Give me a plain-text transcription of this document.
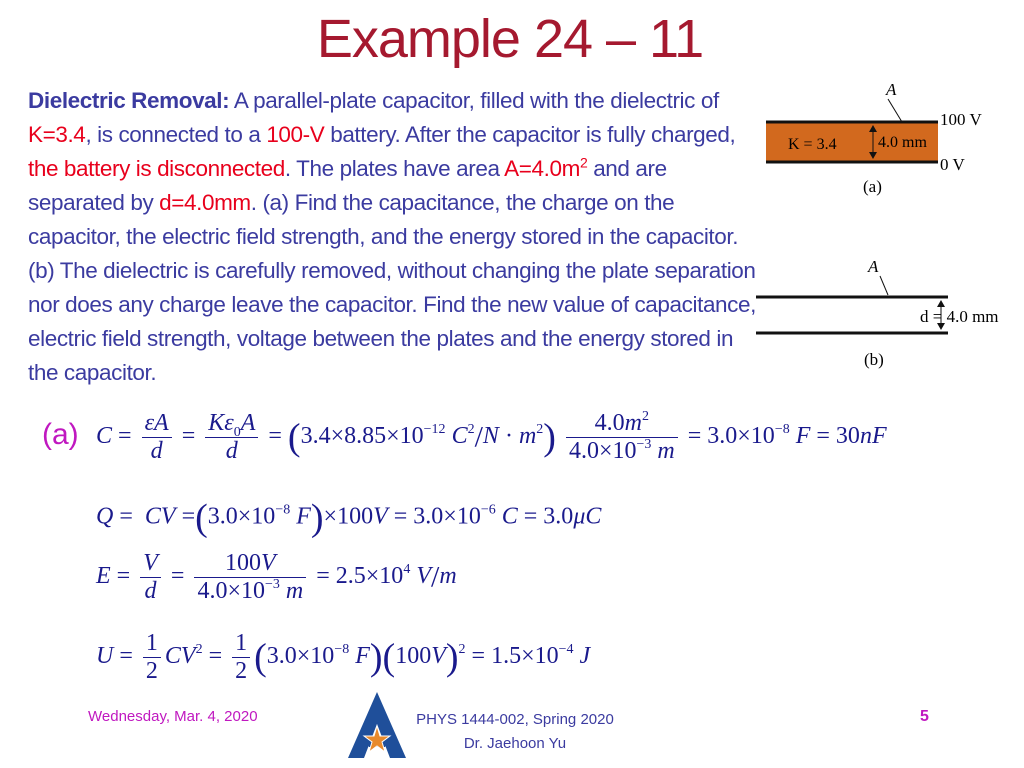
Example 24 – 11
Dielectric Removal: A parallel-plate capacitor, filled with the dielectric of K=3.4, is connected to a 100-V battery. After the capacitor is fully charged, the battery is disconnected. The plates have area $A=4.0m^2$ and are separated by d=4.0mm. (a) Find the capacitance, the charge on the capacitor, the electric field strength, and the energy stored in the capacitor. (b) The dielectric is carefully removed, without changing the plate separation nor does any charge leave the capacitor. Find the new value of capacitance, electric field strength, voltage between the plates and the energy stored in the capacitor.
A
K = 3.4	4.0 mm
100 V
0 V
(a)
A
d = 4.0 mm
(b)
(a) $C = \frac{\varepsilon A}{d} = \frac{K\varepsilon_0A}{d} = (3.4\times 8.85\times 10^{-12}$ $C^2/N \cdot m^2) \frac{4.0m^2}{4.0\times 10^{-3} m} = 3.0\times 10^{-8}$ F = 30nF
Q =  CV $=(3.0\times 10^{-8}$ $F)\times 100V = 3.0\times 10^{-6}$ C = 3.0μC
$E = \frac{V}{d} = \frac{100V}{4.0\times 10^{-3} m} = 2.5\times 10^4$ V/m
$U = \frac{1}{2} CV^2 = \frac{1}{2} (3.0\times 10^{-8}$ $F)(100V)^2 = 1.5\times 10^{-4}$ J
Wednesday, Mar. 4, 2020	PHYS 1444-002, Spring 2020
Dr. Jaehoon Yu
5
